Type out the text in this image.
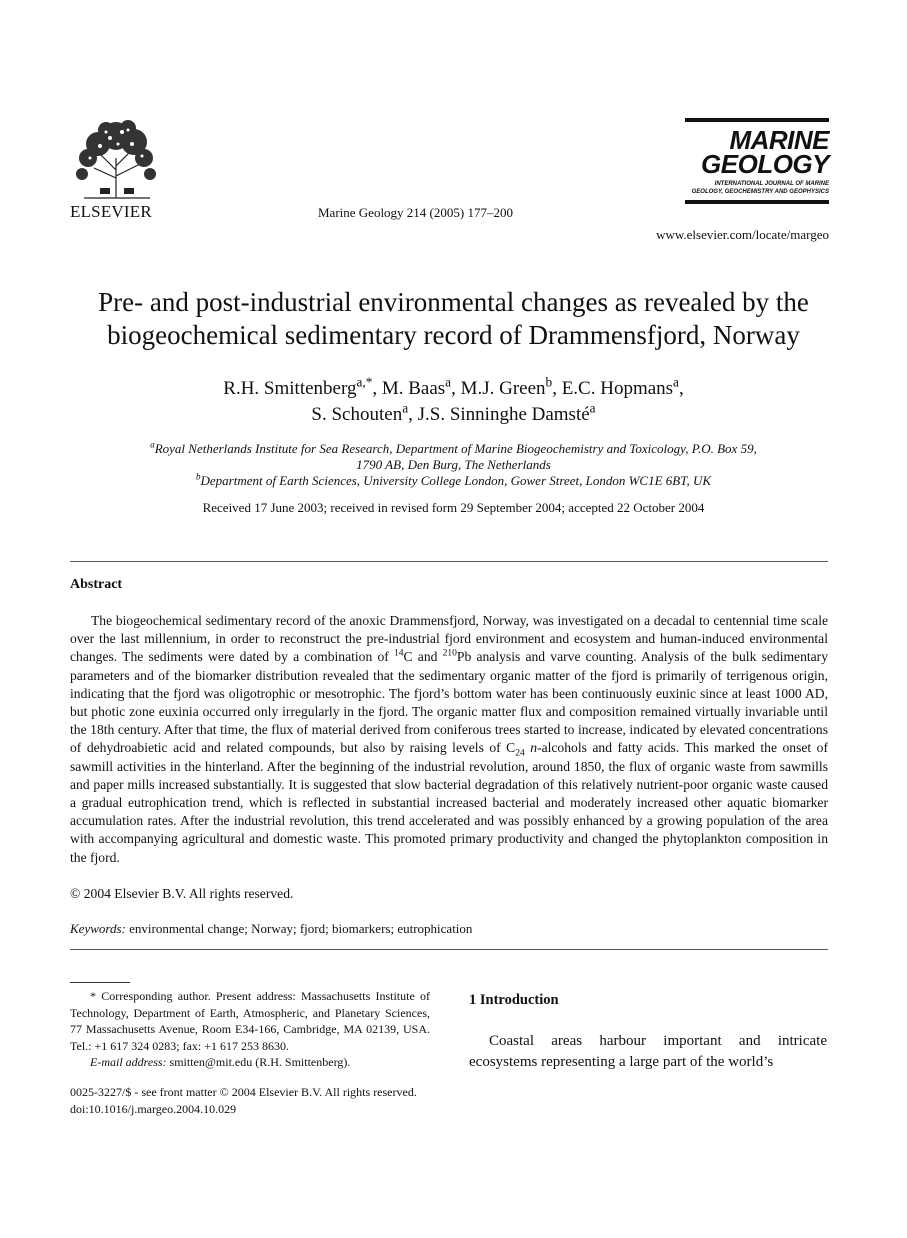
ELSEVIER	Marine Geology 214 (2005) 177–200
MARINE
GEOLOGY
INTERNATIONAL JOURNAL OF MARINE
GEOLOGY, GEOCHEMISTRY AND GEOPHYSICS
www.elsevier.com/locate/margeo
Pre- and post-industrial environmental changes as revealed by the
biogeochemical sedimentary record of Drammensfjord, Norway
R.H. Smittenberg$^{a,*}$, M. Baas$^a$, M.J. Green$^b$, E.C. Hopmans$^a$,
S. Schouten$^a$, J.S. Sinninghe Damsté$^a$
$^a$Royal Netherlands Institute for Sea Research, Department of Marine Biogeochemistry and Toxicology, P.O. Box 59,
1790 AB, Den Burg, The Netherlands
$^b$Department of Earth Sciences, University College London, Gower Street, London WC1E 6BT, UK
Received 17 June 2003; received in revised form 29 September 2004; accepted 22 October 2004
Abstract

The biogeochemical sedimentary record of the anoxic Drammensfjord, Norway, was investigated on a decadal to centennial time scale over the last millennium, in order to reconstruct the pre-industrial fjord environment and ecosystem and human-induced environmental changes. The sediments were dated by a combination of $^{14}$C and $^{210}$Pb analysis and varve counting. Analysis of the bulk sedimentary parameters and of the biomarker distribution revealed that the sedimentary organic matter of the fjord is primarily of terrigenous origin, indicating that the fjord was oligotrophic or mesotrophic. The fjord’s bottom water has been continuously euxinic since at least 1000 AD, but photic zone euxinia occurred only irregularly in the fjord. The organic matter flux and composition remained virtually invariable until the 18th century. After that time, the flux of material derived from coniferous trees started to increase, indicated by elevated concentrations of dehydroabietic acid and related compounds, but also by raising levels of $C_{24}$ n-alcohols and fatty acids. This marked the onset of sawmill activities in the hinterland. After the beginning of the industrial revolution, around 1850, the flux of organic waste from sawmills and paper mills increased substantially. It is suggested that slow bacterial degradation of this relatively nutrient-poor organic waste caused a gradual eutrophication trend, which is reflected in substantial increased bacterial and moderately increased other aquatic biomarker accumulation rates. After the industrial revolution, this trend accelerated and was possibly enhanced by a growing population of the area with accompanying agricultural and domestic waste. This promoted primary productivity and changed the phytoplankton composition in the fjord.

© 2004 Elsevier B.V. All rights reserved.
Keywords: environmental change; Norway; fjord; biomarkers; eutrophication

* Corresponding author. Present address: Massachusetts Institute of Technology, Department of Earth, Atmospheric, and Planetary Sciences, 77 Massachusetts Avenue, Room E34-166, Cambridge, MA 02139, USA. Tel.: +1 617 324 0283; fax: +1 617 253 8630.

E-mail address: smitten@mit.edu (R.H. Smittenberg).

0025-3227/$ - see front matter © 2004 Elsevier B.V. All rights reserved.
doi:10.1016/j.margeo.2004.10.029
1 Introduction

Coastal areas harbour important and intricate ecosystems representing a large part of the world’s
